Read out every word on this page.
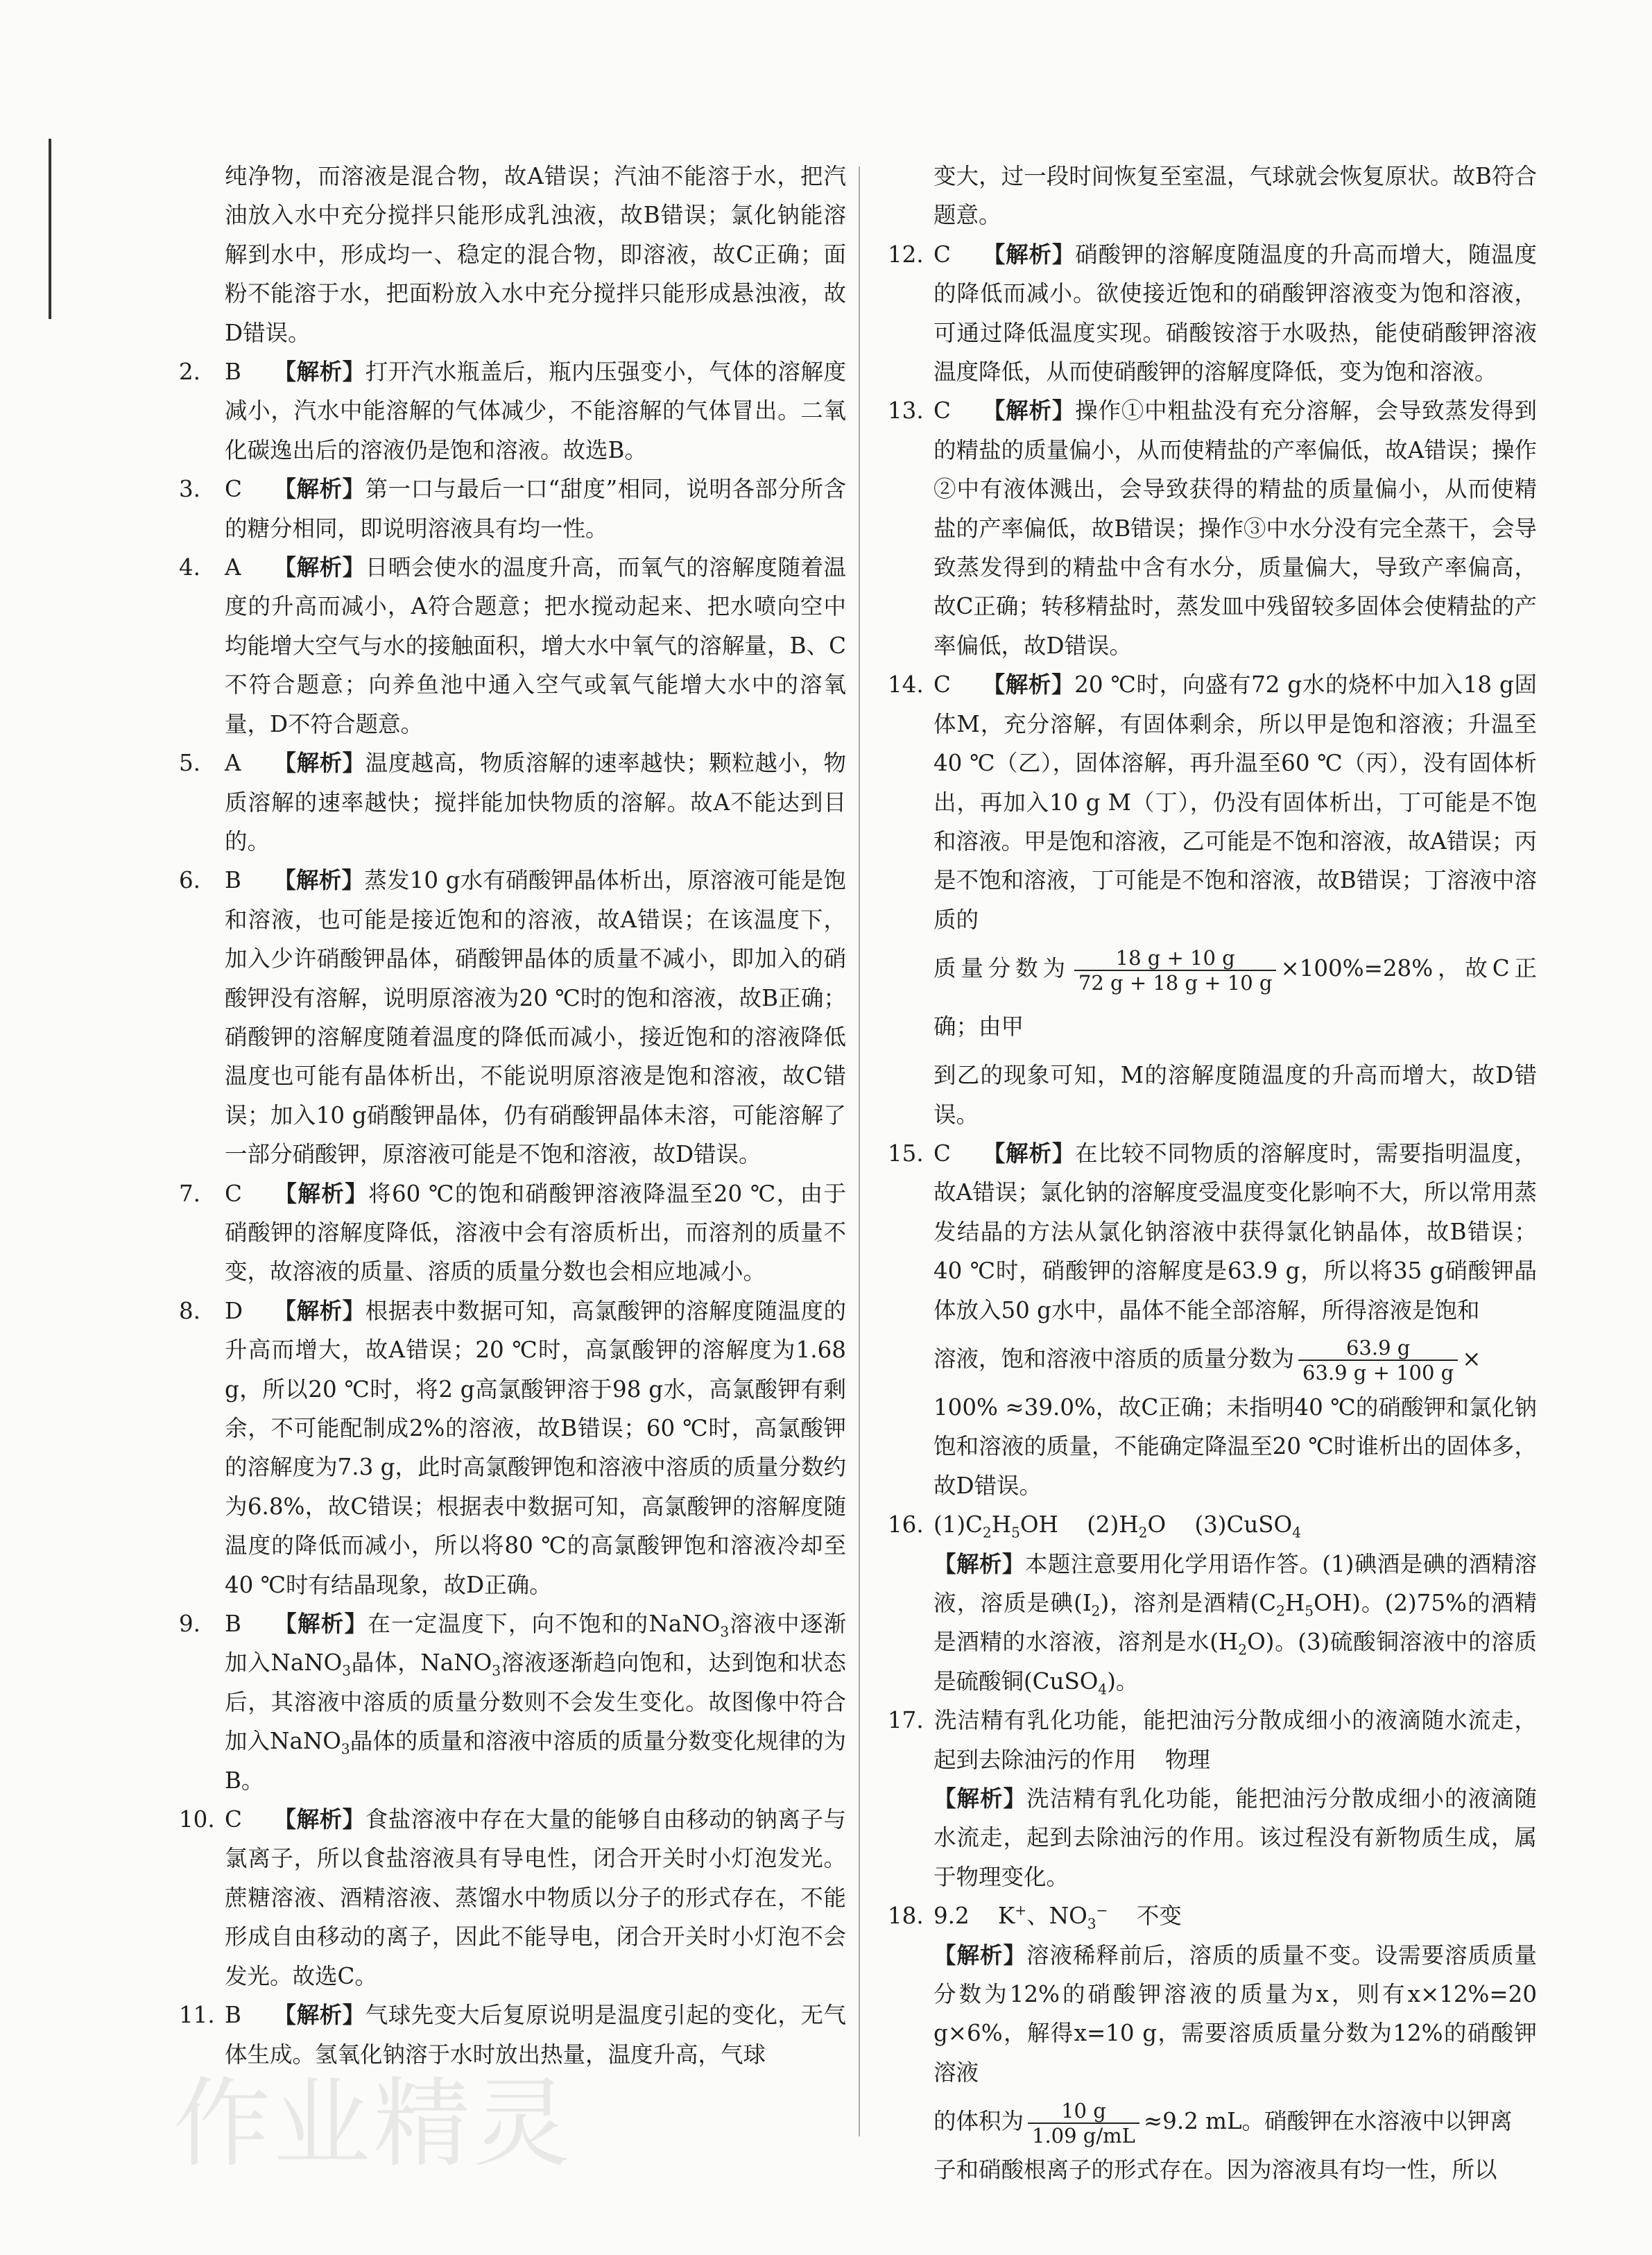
纯净物，而溶液是混合物，故A错误；汽油不能溶于水，把汽油放入水中充分搅拌只能形成乳浊液，故B错误；氯化钠能溶解到水中，形成均一、稳定的混合物，即溶液，故C正确；面粉不能溶于水，把面粉放入水中充分搅拌只能形成悬浊液，故D错误。
2. B 【解析】打开汽水瓶盖后，瓶内压强变小，气体的溶解度减小，汽水中能溶解的气体减少，不能溶解的气体冒出。二氧化碳逸出后的溶液仍是饱和溶液。故选B。
3. C 【解析】第一口与最后一口“甜度”相同，说明各部分所含的糖分相同，即说明溶液具有均一性。
4. A 【解析】日晒会使水的温度升高，而氧气的溶解度随着温度的升高而减小，A符合题意；把水搅动起来、把水喷向空中均能增大空气与水的接触面积，增大水中氧气的溶解量，B、C不符合题意；向养鱼池中通入空气或氧气能增大水中的溶氧量，D不符合题意。
5. A 【解析】温度越高，物质溶解的速率越快；颗粒越小，物质溶解的速率越快；搅拌能加快物质的溶解。故A不能达到目的。
6. B 【解析】蒸发10 g水有硝酸钾晶体析出，原溶液可能是饱和溶液，也可能是接近饱和的溶液，故A错误；在该温度下，加入少许硝酸钾晶体，硝酸钾晶体的质量不减小，即加入的硝酸钾没有溶解，说明原溶液为20 ℃时的饱和溶液，故B正确；硝酸钾的溶解度随着温度的降低而减小，接近饱和的溶液降低温度也可能有晶体析出，不能说明原溶液是饱和溶液，故C错误；加入10 g硝酸钾晶体，仍有硝酸钾晶体未溶，可能溶解了一部分硝酸钾，原溶液可能是不饱和溶液，故D错误。
7. C 【解析】将60 ℃的饱和硝酸钾溶液降温至20 ℃，由于硝酸钾的溶解度降低，溶液中会有溶质析出，而溶剂的质量不变，故溶液的质量、溶质的质量分数也会相应地减小。
8. D 【解析】根据表中数据可知，高氯酸钾的溶解度随温度的升高而增大，故A错误；20 ℃时，高氯酸钾的溶解度为1.68 g，所以20 ℃时，将2 g高氯酸钾溶于98 g水，高氯酸钾有剩余，不可能配制成2%的溶液，故B错误；60 ℃时，高氯酸钾的溶解度为7.3 g，此时高氯酸钾饱和溶液中溶质的质量分数约为6.8%，故C错误；根据表中数据可知，高氯酸钾的溶解度随温度的降低而减小，所以将80 ℃的高氯酸钾饱和溶液冷却至40 ℃时有结晶现象，故D正确。
9. B 【解析】在一定温度下，向不饱和的NaNO$_3$溶液中逐渐加入NaNO$_3$晶体，NaNO$_3$溶液逐渐趋向饱和，达到饱和状态后，其溶液中溶质的质量分数则不会发生变化。故图像中符合加入NaNO$_3$晶体的质量和溶液中溶质的质量分数变化规律的为B。
10. C 【解析】食盐溶液中存在大量的能够自由移动的钠离子与氯离子，所以食盐溶液具有导电性，闭合开关时小灯泡发光。蔗糖溶液、酒精溶液、蒸馏水中物质以分子的形式存在，不能形成自由移动的离子，因此不能导电，闭合开关时小灯泡不会发光。故选C。
11. B 【解析】气球先变大后复原说明是温度引起的变化，无气体生成。氢氧化钠溶于水时放出热量，温度升高，气球
变大，过一段时间恢复至室温，气球就会恢复原状。故B符合题意。
12. C 【解析】硝酸钾的溶解度随温度的升高而增大，随温度的降低而减小。欲使接近饱和的硝酸钾溶液变为饱和溶液，可通过降低温度实现。硝酸铵溶于水吸热，能使硝酸钾溶液温度降低，从而使硝酸钾的溶解度降低，变为饱和溶液。
13. C 【解析】操作①中粗盐没有充分溶解，会导致蒸发得到的精盐的质量偏小，从而使精盐的产率偏低，故A错误；操作②中有液体溅出，会导致获得的精盐的质量偏小，从而使精盐的产率偏低，故B错误；操作③中水分没有完全蒸干，会导致蒸发得到的精盐中含有水分，质量偏大，导致产率偏高，故C正确；转移精盐时，蒸发皿中残留较多固体会使精盐的产率偏低，故D错误。
14. C 【解析】20 ℃时，向盛有72 g水的烧杯中加入18 g固体M，充分溶解，有固体剩余，所以甲是饱和溶液；升温至40 ℃（乙），固体溶解，再升温至60 ℃（丙），没有固体析出，再加入10 g M（丁），仍没有固体析出，丁可能是不饱和溶液。甲是饱和溶液，乙可能是不饱和溶液，故A错误；丙是不饱和溶液，丁可能是不饱和溶液，故B错误；丁溶液中溶质的
质量分数为 $\frac{18 g + 10 g}{72 g + 18 g + 10 g} \times 100\%=28\%$，故C正确；由甲
到乙的现象可知，M的溶解度随温度的升高而增大，故D错误。
15. C 【解析】在比较不同物质的溶解度时，需要指明温度，故A错误；氯化钠的溶解度受温度变化影响不大，所以常用蒸发结晶的方法从氯化钠溶液中获得氯化钠晶体，故B错误；40 ℃时，硝酸钾的溶解度是63.9 g，所以将35 g硝酸钾晶体放入50 g水中，晶体不能全部溶解，所得溶液是饱和
溶液，饱和溶液中溶质的质量分数为 $\frac{63.9 g}{63.9 g + 100 g}$ ×
100% ≈39.0%，故C正确；未指明40 ℃的硝酸钾和氯化钠饱和溶液的质量，不能确定降温至20 ℃时谁析出的固体多，故D错误。
16. $(1)C_2H_5OH$ $(2)H_2O$ (3)CuSO$_4$
【解析】本题注意要用化学用语作答。(1)碘酒是碘的酒精溶液，溶质是碘$(I_2)$，溶剂是酒精$(C_2H_5OH)$。(2)75%的酒精是酒精的水溶液，溶剂是水$(H_2O)$。(3)硫酸铜溶液中的溶质是硫酸铜(CuSO$_4$)。
17. 洗洁精有乳化功能，能把油污分散成细小的液滴随水流走，起到去除油污的作用 物理
【解析】洗洁精有乳化功能，能把油污分散成细小的液滴随水流走，起到去除油污的作用。该过程没有新物质生成，属于物理变化。
18. 9.2 K+、$NO_3^-$ 不变
【解析】溶液稀释前后，溶质的质量不变。设需要溶质质量分数为12%的硝酸钾溶液的质量为x，则有x×12%=20 g×6%，解得x=10 g，需要溶质质量分数为12%的硝酸钾溶液
的体积为 $\frac{10 g}{1.09 g/mL} \approx 9.2$ mL。硝酸钾在水溶液中以钾离
子和硝酸根离子的形式存在。因为溶液具有均一性，所以
作业精灵
